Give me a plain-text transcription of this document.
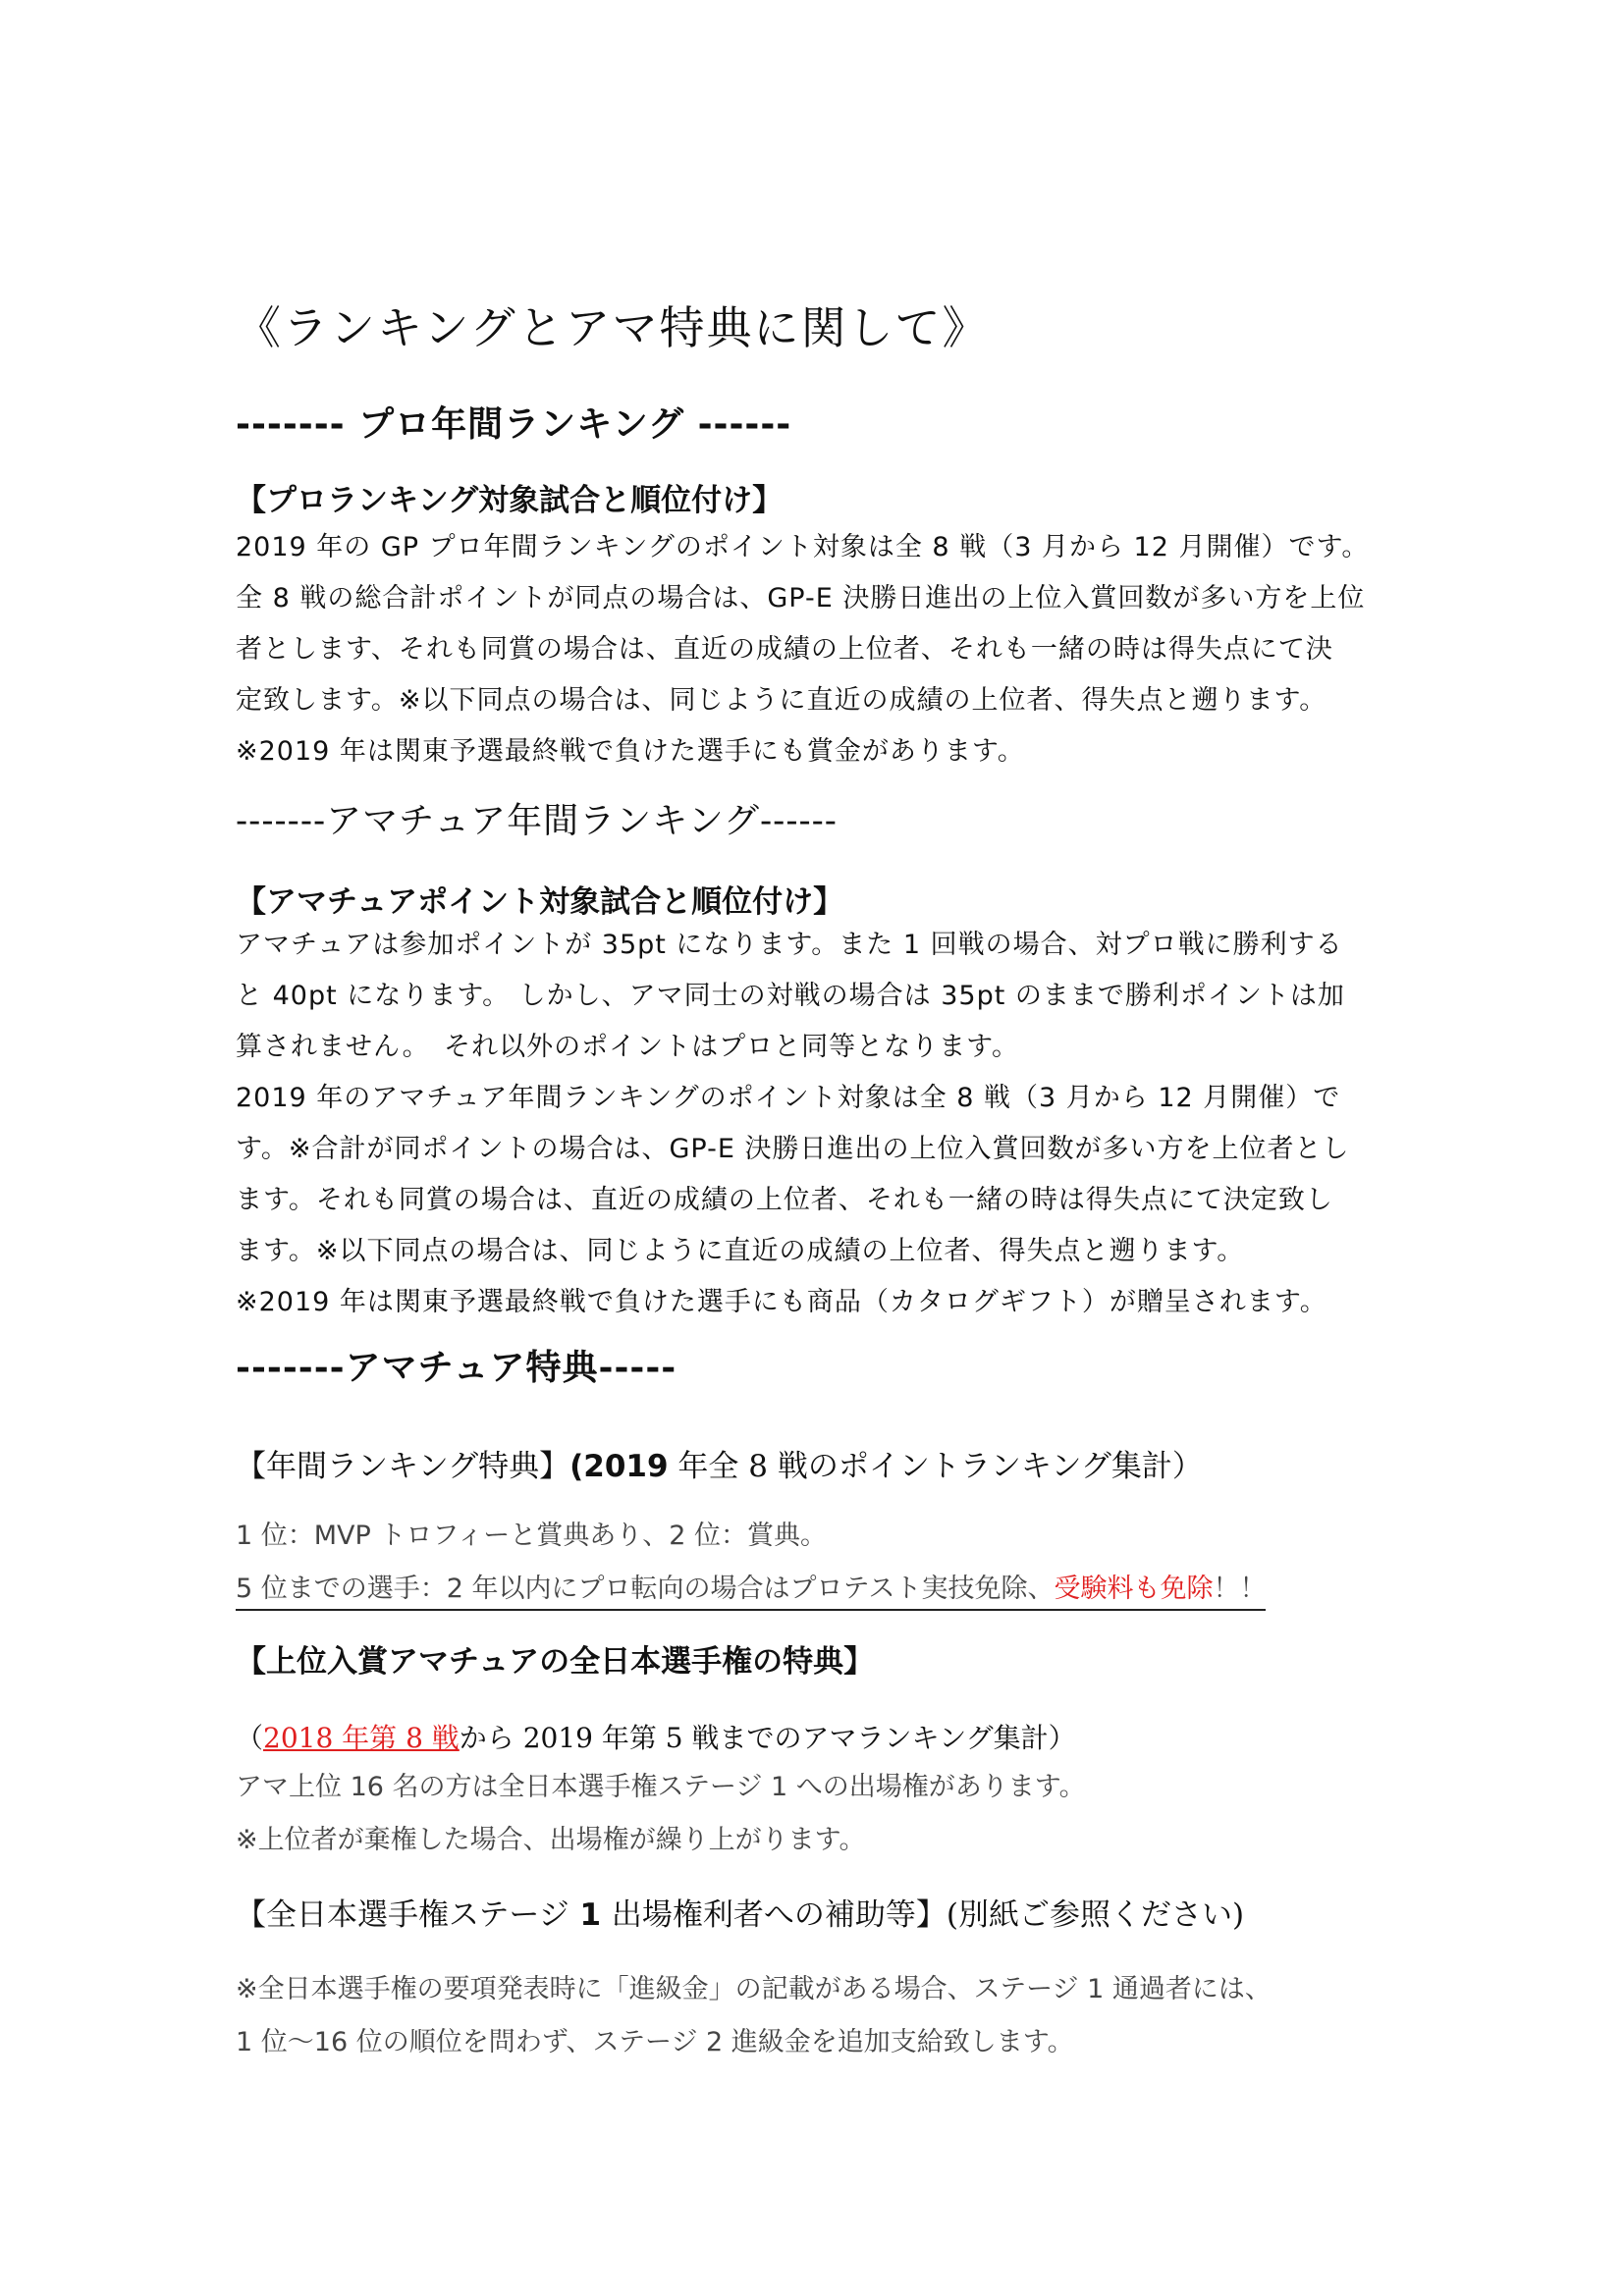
《ランキングとアマ特典に関して》
------- プロ年間ランキング ------
【プロランキング対象試合と順位付け】

2019 年の GP プロ年間ランキングのポイント対象は全 8 戦（3 月から 12 月開催）です。

全 8 戦の総合計ポイントが同点の場合は、GP-E 決勝日進出の上位入賞回数が多い方を上位

者とします、それも同賞の場合は、直近の成績の上位者、それも一緒の時は得失点にて決

定致します。※以下同点の場合は、同じように直近の成績の上位者、得失点と遡ります。

※2019 年は関東予選最終戦で負けた選手にも賞金があります。

-------アマチュア年間ランキング------
【アマチュアポイント対象試合と順位付け】

アマチュアは参加ポイントが 35pt になります。また 1 回戦の場合、対プロ戦に勝利する

と 40pt になります。 しかし、アマ同士の対戦の場合は 35pt のままで勝利ポイントは加

算されません。　それ以外のポイントはプロと同等となります。

2019 年のアマチュア年間ランキングのポイント対象は全 8 戦（3 月から 12 月開催）で

す。※合計が同ポイントの場合は、GP-E 決勝日進出の上位入賞回数が多い方を上位者とし

ます。それも同賞の場合は、直近の成績の上位者、それも一緒の時は得失点にて決定致し

ます。※以下同点の場合は、同じように直近の成績の上位者、得失点と遡ります。

※2019 年は関東予選最終戦で負けた選手にも商品（カタログギフト）が贈呈されます。

-------アマチュア特典-----
【年間ランキング特典】(2019 年全 8 戦のポイントランキング集計）

1 位：MVP トロフィーと賞典あり、2 位：賞典。

5 位までの選手：2 年以内にプロ転向の場合はプロテスト実技免除、受験料も免除！！

【上位入賞アマチュアの全日本選手権の特典】
（2018 年第 8 戦から 2019 年第 5 戦までのアマランキング集計）

アマ上位 16 名の方は全日本選手権ステージ 1 への出場権があります。

※上位者が棄権した場合、出場権が繰り上がります。

【全日本選手権ステージ 1 出場権利者への補助等】(別紙ご参照ください)

※全日本選手権の要項発表時に「進級金」の記載がある場合、ステージ 1 通過者には、

1 位〜16 位の順位を問わず、ステージ 2 進級金を追加支給致します。
